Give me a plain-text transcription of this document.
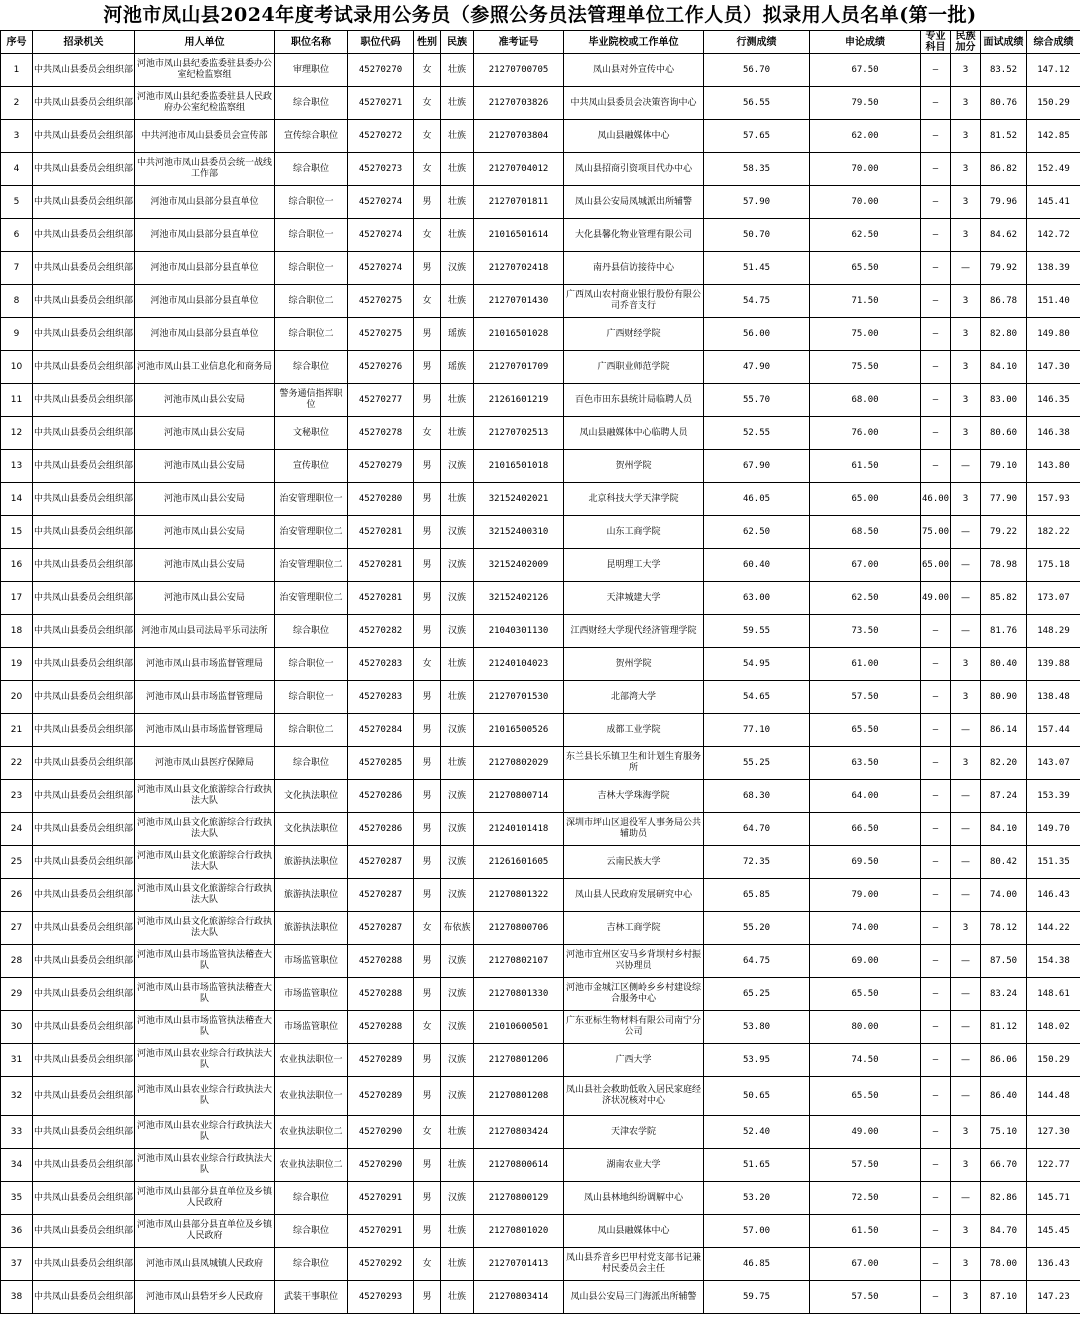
河池市凤山县2024年度考试录用公务员（参照公务员法管理单位工作人员）拟录用人员名单(第一批)
序号	招录机关	用人单位	职位名称	职位代码	性别	民族	准考证号	毕业院校或工作单位	行测成绩	申论成绩	专业科目	民族加分	面试成绩	综合成绩
1	中共凤山县委员会组织部	河池市凤山县纪委监委驻县委办公室纪检监察组	审理职位	45270270	女	壮族	21270700705	凤山县对外宣传中心	56.70	67.50	—	3	83.52	147.12
2	中共凤山县委员会组织部	河池市凤山县纪委监委驻县人民政府办公室纪检监察组	综合职位	45270271	女	壮族	21270703826	中共凤山县委员会决策咨询中心	56.55	79.50	—	3	80.76	150.29
3	中共凤山县委员会组织部	中共河池市凤山县委员会宣传部	宣传综合职位	45270272	女	壮族	21270703804	凤山县融媒体中心	57.65	62.00	—	3	81.52	142.85
4	中共凤山县委员会组织部	中共河池市凤山县委员会统一战线工作部	综合职位	45270273	女	壮族	21270704012	凤山县招商引资项目代办中心	58.35	70.00	—	3	86.82	152.49
5	中共凤山县委员会组织部	河池市凤山县部分县直单位	综合职位一	45270274	男	壮族	21270701811	凤山县公安局凤城派出所辅警	57.90	70.00	—	3	79.96	145.41
6	中共凤山县委员会组织部	河池市凤山县部分县直单位	综合职位一	45270274	女	壮族	21016501614	大化县馨化物业管理有限公司	50.70	62.50	—	3	84.62	142.72
7	中共凤山县委员会组织部	河池市凤山县部分县直单位	综合职位一	45270274	男	汉族	21270702418	南丹县信访接待中心	51.45	65.50	—	—	79.92	138.39
8	中共凤山县委员会组织部	河池市凤山县部分县直单位	综合职位二	45270275	女	壮族	21270701430	广西凤山农村商业银行股份有限公司乔音支行	54.75	71.50	—	3	86.78	151.40
9	中共凤山县委员会组织部	河池市凤山县部分县直单位	综合职位二	45270275	男	瑶族	21016501028	广西财经学院	56.00	75.00	—	3	82.80	149.80
10	中共凤山县委员会组织部	河池市凤山县工业信息化和商务局	综合职位	45270276	男	瑶族	21270701709	广西职业师范学院	47.90	75.50	—	3	84.10	147.30
11	中共凤山县委员会组织部	河池市凤山县公安局	警务通信指挥职位	45270277	男	壮族	21261601219	百色市田东县统计局临聘人员	55.70	68.00	—	3	83.00	146.35
12	中共凤山县委员会组织部	河池市凤山县公安局	文秘职位	45270278	女	壮族	21270702513	凤山县融媒体中心临聘人员	52.55	76.00	—	3	80.60	146.38
13	中共凤山县委员会组织部	河池市凤山县公安局	宣传职位	45270279	男	汉族	21016501018	贺州学院	67.90	61.50	—	—	79.10	143.80
14	中共凤山县委员会组织部	河池市凤山县公安局	治安管理职位一	45270280	男	壮族	32152402021	北京科技大学天津学院	46.05	65.00	46.00	3	77.90	157.93
15	中共凤山县委员会组织部	河池市凤山县公安局	治安管理职位二	45270281	男	汉族	32152400310	山东工商学院	62.50	68.50	75.00	—	79.22	182.22
16	中共凤山县委员会组织部	河池市凤山县公安局	治安管理职位二	45270281	男	汉族	32152402009	昆明理工大学	60.40	67.00	65.00	—	78.98	175.18
17	中共凤山县委员会组织部	河池市凤山县公安局	治安管理职位二	45270281	男	汉族	32152402126	天津城建大学	63.00	62.50	49.00	—	85.82	173.07
18	中共凤山县委员会组织部	河池市凤山县司法局平乐司法所	综合职位	45270282	男	汉族	21040301130	江西财经大学现代经济管理学院	59.55	73.50	—	—	81.76	148.29
19	中共凤山县委员会组织部	河池市凤山县市场监督管理局	综合职位一	45270283	女	壮族	21240104023	贺州学院	54.95	61.00	—	3	80.40	139.88
20	中共凤山县委员会组织部	河池市凤山县市场监督管理局	综合职位一	45270283	男	壮族	21270701530	北部湾大学	54.65	57.50	—	3	80.90	138.48
21	中共凤山县委员会组织部	河池市凤山县市场监督管理局	综合职位二	45270284	男	汉族	21016500526	成都工业学院	77.10	65.50	—	—	86.14	157.44
22	中共凤山县委员会组织部	河池市凤山县医疗保障局	综合职位	45270285	男	壮族	21270802029	东兰县长乐镇卫生和计划生育服务所	55.25	63.50	—	3	82.20	143.07
23	中共凤山县委员会组织部	河池市凤山县文化旅游综合行政执法大队	文化执法职位	45270286	男	汉族	21270800714	吉林大学珠海学院	68.30	64.00	—	—	87.24	153.39
24	中共凤山县委员会组织部	河池市凤山县文化旅游综合行政执法大队	文化执法职位	45270286	男	汉族	21240101418	深圳市坪山区退役军人事务局公共辅助员	64.70	66.50	—	—	84.10	149.70
25	中共凤山县委员会组织部	河池市凤山县文化旅游综合行政执法大队	旅游执法职位	45270287	男	汉族	21261601605	云南民族大学	72.35	69.50	—	—	80.42	151.35
26	中共凤山县委员会组织部	河池市凤山县文化旅游综合行政执法大队	旅游执法职位	45270287	男	汉族	21270801322	凤山县人民政府发展研究中心	65.85	79.00	—	—	74.00	146.43
27	中共凤山县委员会组织部	河池市凤山县文化旅游综合行政执法大队	旅游执法职位	45270287	女	布依族	21270800706	吉林工商学院	55.20	74.00	—	3	78.12	144.22
28	中共凤山县委员会组织部	河池市凤山县市场监管执法稽查大队	市场监管职位	45270288	男	汉族	21270802107	河池市宜州区安马乡背坝村乡村振兴协理员	64.75	69.00	—	—	87.50	154.38
29	中共凤山县委员会组织部	河池市凤山县市场监管执法稽查大队	市场监管职位	45270288	男	汉族	21270801330	河池市金城江区侧岭乡乡村建设综合服务中心	65.25	65.50	—	—	83.24	148.61
30	中共凤山县委员会组织部	河池市凤山县市场监管执法稽查大队	市场监管职位	45270288	女	汉族	21010600501	广东亚标生物材料有限公司南宁分公司	53.80	80.00	—	—	81.12	148.02
31	中共凤山县委员会组织部	河池市凤山县农业综合行政执法大队	农业执法职位一	45270289	男	汉族	21270801206	广西大学	53.95	74.50	—	—	86.06	150.29
32	中共凤山县委员会组织部	河池市凤山县农业综合行政执法大队	农业执法职位一	45270289	男	汉族	21270801208	凤山县社会救助低收入居民家庭经济状况核对中心	50.65	65.50	—	—	86.40	144.48
33	中共凤山县委员会组织部	河池市凤山县农业综合行政执法大队	农业执法职位二	45270290	女	壮族	21270803424	天津农学院	52.40	49.00	—	3	75.10	127.30
34	中共凤山县委员会组织部	河池市凤山县农业综合行政执法大队	农业执法职位二	45270290	男	壮族	21270800614	湖南农业大学	51.65	57.50	—	3	66.70	122.77
35	中共凤山县委员会组织部	河池市凤山县部分县直单位及乡镇人民政府	综合职位	45270291	男	汉族	21270800129	凤山县林地纠纷调解中心	53.20	72.50	—	—	82.86	145.71
36	中共凤山县委员会组织部	河池市凤山县部分县直单位及乡镇人民政府	综合职位	45270291	男	壮族	21270801020	凤山县融媒体中心	57.00	61.50	—	3	84.70	145.45
37	中共凤山县委员会组织部	河池市凤山县凤城镇人民政府	综合职位	45270292	女	壮族	21270701413	凤山县乔音乡巴甲村党支部书记兼村民委员会主任	46.85	67.00	—	3	78.00	136.43
38	中共凤山县委员会组织部	河池市凤山县砦牙乡人民政府	武装干事职位	45270293	男	壮族	21270803414	凤山县公安局三门海派出所辅警	59.75	57.50	—	3	87.10	147.23
